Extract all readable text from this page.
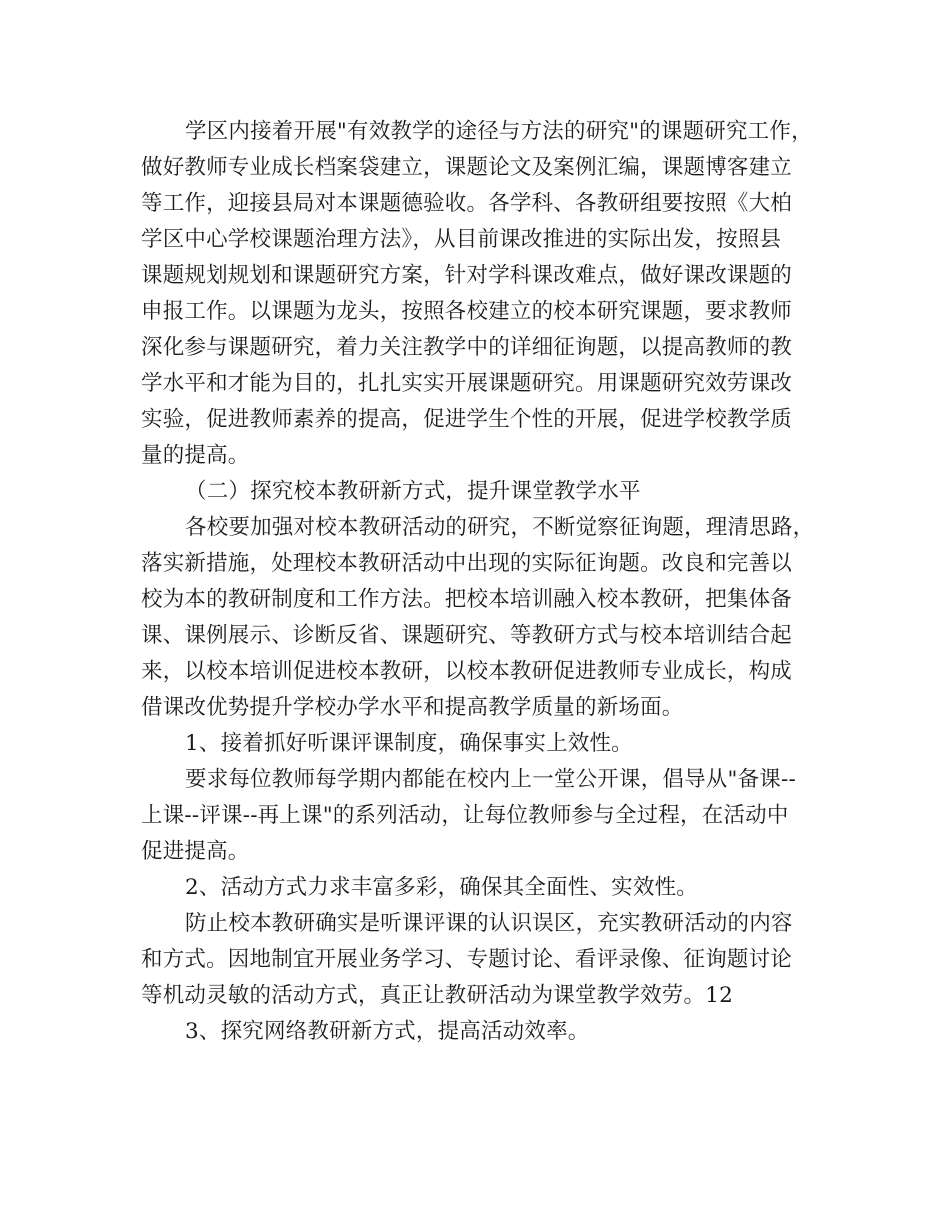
学区内接着开展"有效教学的途径与方法的研究"的课题研究工作，
做好教师专业成长档案袋建立，课题论文及案例汇编，课题博客建立
等工作，迎接县局对本课题德验收。各学科、各教研组要按照《大柏
学区中心学校课题治理方法》，从目前课改推进的实际出发，按照县
课题规划规划和课题研究方案，针对学科课改难点，做好课改课题的
申报工作。以课题为龙头，按照各校建立的校本研究课题，要求教师
深化参与课题研究，着力关注教学中的详细征询题，以提高教师的教
学水平和才能为目的，扎扎实实开展课题研究。用课题研究效劳课改
实验，促进教师素养的提高，促进学生个性的开展，促进学校教学质
量的提高。
（二）探究校本教研新方式，提升课堂教学水平
各校要加强对校本教研活动的研究，不断觉察征询题，理清思路，
落实新措施，处理校本教研活动中出现的实际征询题。改良和完善以
校为本的教研制度和工作方法。把校本培训融入校本教研，把集体备
课、课例展示、诊断反省、课题研究、等教研方式与校本培训结合起
来，以校本培训促进校本教研，以校本教研促进教师专业成长，构成
借课改优势提升学校办学水平和提高教学质量的新场面。
1、接着抓好听课评课制度，确保事实上效性。
要求每位教师每学期内都能在校内上一堂公开课，倡导从"备课--
上课--评课--再上课"的系列活动，让每位教师参与全过程，在活动中
促进提高。
2、活动方式力求丰富多彩，确保其全面性、实效性。
防止校本教研确实是听课评课的认识误区，充实教研活动的内容
和方式。因地制宜开展业务学习、专题讨论、看评录像、征询题讨论
等机动灵敏的活动方式，真正让教研活动为课堂教学效劳。12
3、探究网络教研新方式，提高活动效率。
